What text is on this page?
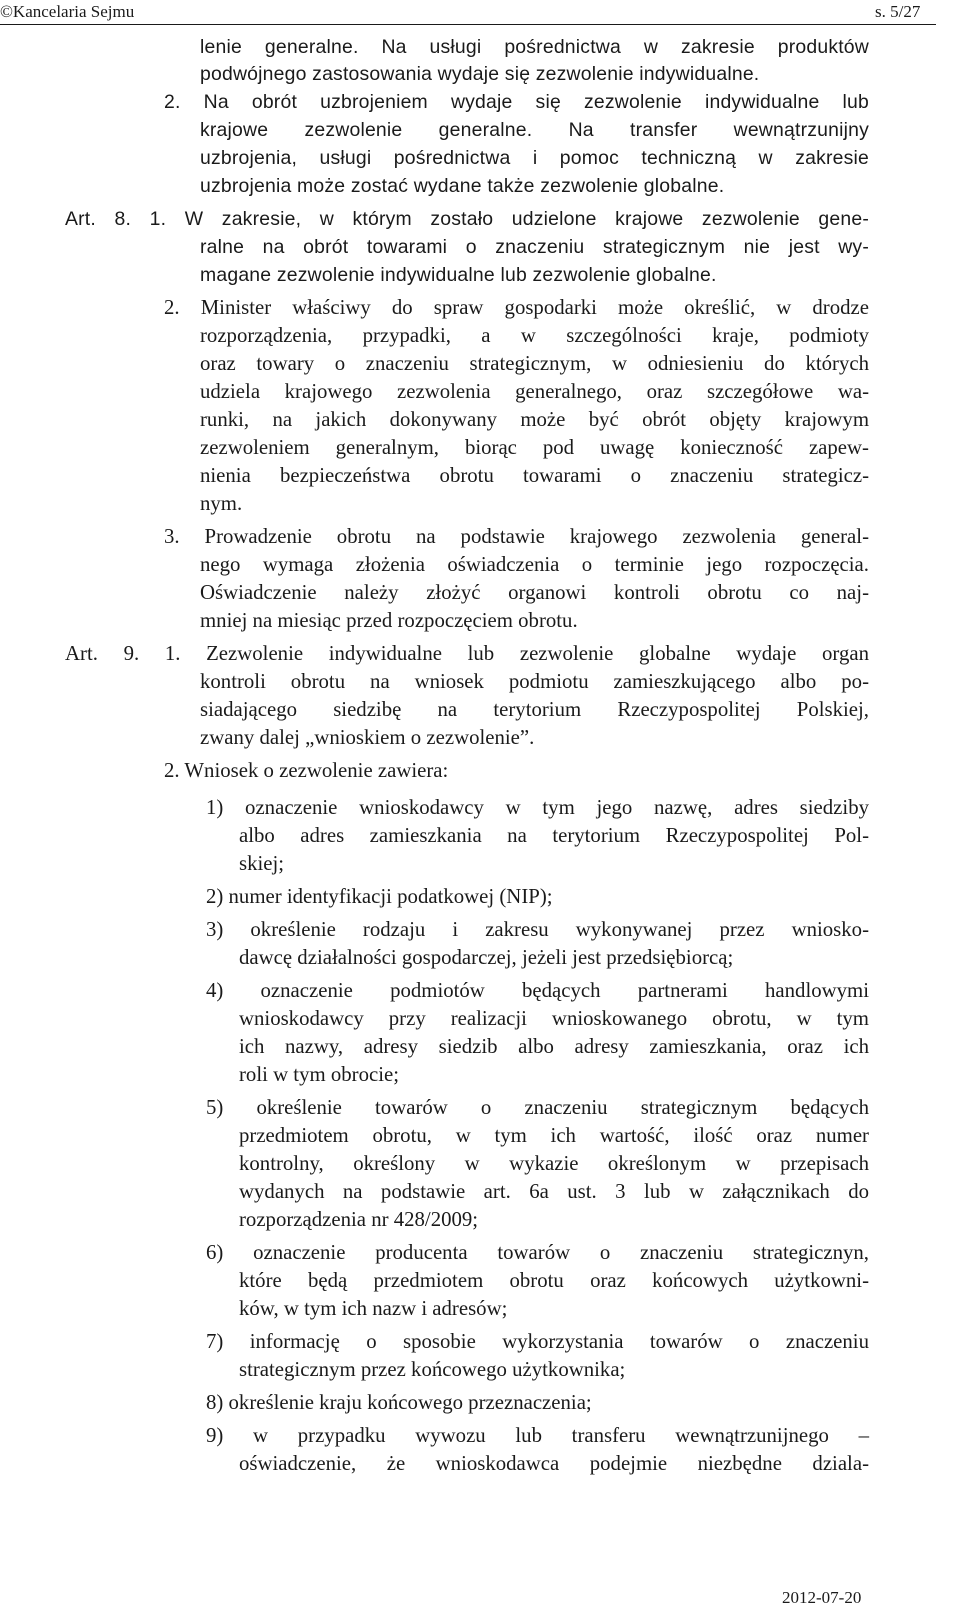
©Kancelaria Sejmu	s. 5/27
lenie generalne. Na usługi pośrednictwa w zakresie produktów
podwójnego zastosowania wydaje się zezwolenie indywidualne.
2. Na obrót uzbrojeniem wydaje się zezwolenie indywidualne lub
krajowe zezwolenie generalne. Na transfer wewnątrzunijny
uzbrojenia, usługi pośrednictwa i pomoc techniczną w zakresie
uzbrojenia może zostać wydane także zezwolenie globalne.
Art. 8. 1. W zakresie, w którym zostało udzielone krajowe zezwolenie gene-
ralne na obrót towarami o znaczeniu strategicznym nie jest wy-
magane zezwolenie indywidualne lub zezwolenie globalne.
2. Minister właściwy do spraw gospodarki może określić, w drodze
rozporządzenia, przypadki, a w szczególności kraje, podmioty
oraz towary o znaczeniu strategicznym, w odniesieniu do których
udziela krajowego zezwolenia generalnego, oraz szczegółowe wa-
runki, na jakich dokonywany może być obrót objęty krajowym
zezwoleniem generalnym, biorąc pod uwagę konieczność zapew-
nienia bezpieczeństwa obrotu towarami o znaczeniu strategicz-
nym.
3. Prowadzenie obrotu na podstawie krajowego zezwolenia general-
nego wymaga złożenia oświadczenia o terminie jego rozpoczęcia.
Oświadczenie należy złożyć organowi kontroli obrotu co naj-
mniej na miesiąc przed rozpoczęciem obrotu.
Art. 9. 1. Zezwolenie indywidualne lub zezwolenie globalne wydaje organ
kontroli obrotu na wniosek podmiotu zamieszkującego albo po-
siadającego siedzibę na terytorium Rzeczypospolitej Polskiej,
zwany dalej „wnioskiem o zezwolenie”.
2. Wniosek o zezwolenie zawiera:
1) oznaczenie wnioskodawcy w tym jego nazwę, adres siedziby
albo adres zamieszkania na terytorium Rzeczypospolitej Pol-
skiej;
2) numer identyfikacji podatkowej (NIP);
3) określenie rodzaju i zakresu wykonywanej przez wniosko-
dawcę działalności gospodarczej, jeżeli jest przedsiębiorcą;
4) oznaczenie podmiotów będących partnerami handlowymi
wnioskodawcy przy realizacji wnioskowanego obrotu, w tym
ich nazwy, adresy siedzib albo adresy zamieszkania, oraz ich
roli w tym obrocie;
5) określenie towarów o znaczeniu strategicznym będących
przedmiotem obrotu, w tym ich wartość, ilość oraz numer
kontrolny, określony w wykazie określonym w przepisach
wydanych na podstawie art. 6a ust. 3 lub w załącznikach do
rozporządzenia nr 428/2009;
6) oznaczenie producenta towarów o znaczeniu strategicznyn,
które będą przedmiotem obrotu oraz końcowych użytkowni-
ków, w tym ich nazw i adresów;
7) informację o sposobie wykorzystania towarów o znaczeniu
strategicznym przez końcowego użytkownika;
8) określenie kraju końcowego przeznaczenia;
9) w przypadku wywozu lub transferu wewnątrzunijnego –
oświadczenie, że wnioskodawca podejmie niezbędne dziala-
2012-07-20
